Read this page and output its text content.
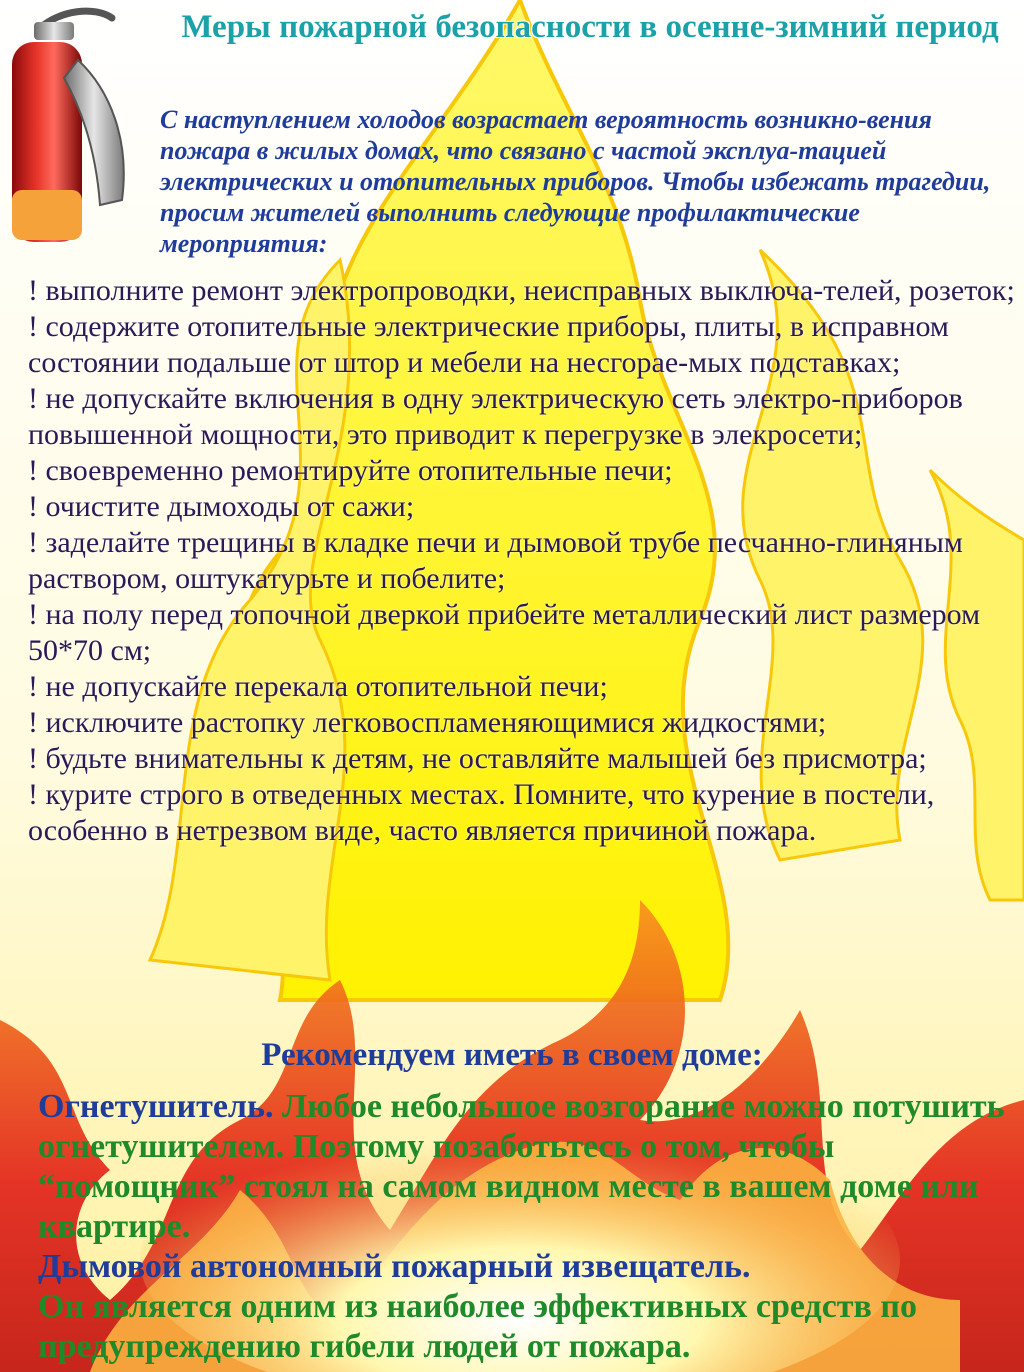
Меры пожарной безопасности в осенне-зимний период

С наступлением холодов возрастает вероятность возникно-вения пожара в жилых домах, что связано с частой эксплуа-тацией электрических и отопительных приборов. Чтобы избежать трагедии, просим жителей выполнить следующие профилактические мероприятия:

! выполните ремонт электропроводки, неисправных выключа-телей, розеток;
! содержите отопительные электрические приборы, плиты, в исправном состоянии подальше от штор и мебели на несгорае-мых подставках;
! не допускайте включения в одну электрическую сеть электро-приборов повышенной мощности, это приводит к перегрузке в элекросети;
! своевременно ремонтируйте отопительные печи;
! очистите дымоходы от сажи;
! заделайте трещины в кладке печи и дымовой трубе песчанно-глиняным раствором, оштукатурьте и побелите;
! на полу перед топочной дверкой прибейте металлический лист размером 50*70 см;
! не допускайте перекала отопительной печи;
! исключите растопку легковоспламеняющимися жидкостями;
! будьте внимательны к детям, не оставляйте малышей без присмотра;
! курите строго в отведенных местах. Помните, что курение в постели, особенно в нетрезвом виде, часто является причиной пожара.
Рекомендуем иметь в своем доме:

Огнетушитель. Любое небольшое возгорание можно потушить огнетушителем. Поэтому позаботьтесь о том, чтобы “помощник” стоял на самом видном месте в вашем доме или квартире.

Дымовой автономный пожарный извещатель.

Он является одним из наиболее эффективных средств по предупреждению гибели людей от пожара.
